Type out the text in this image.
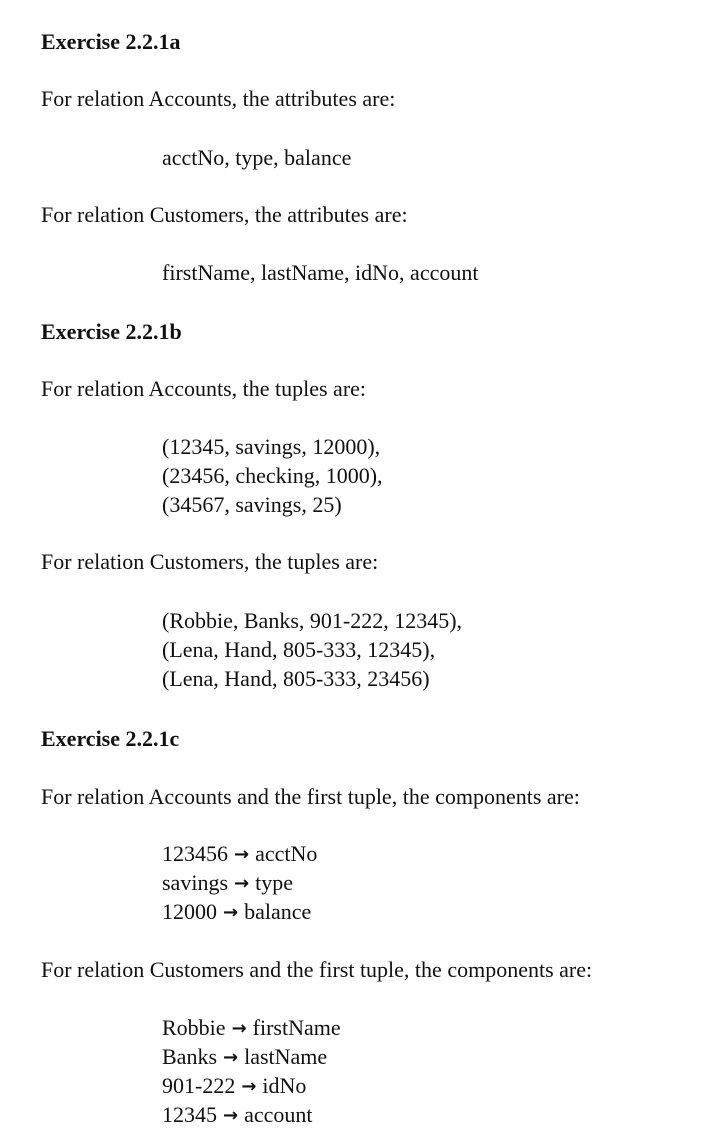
Exercise 2.2.1a
For relation Accounts, the attributes are:
acctNo, type, balance
For relation Customers, the attributes are:
firstName, lastName, idNo, account
Exercise 2.2.1b
For relation Accounts, the tuples are:
(12345, savings, 12000),
(23456, checking, 1000),
(34567, savings, 25)
For relation Customers, the tuples are:
(Robbie, Banks, 901-222, 12345),
(Lena, Hand, 805-333, 12345),
(Lena, Hand, 805-333, 23456)
Exercise 2.2.1c
For relation Accounts and the first tuple, the components are:
123456 → acctNo
savings → type
12000 → balance
For relation Customers and the first tuple, the components are:
Robbie → firstName
Banks → lastName
901-222 → idNo
12345 → account
